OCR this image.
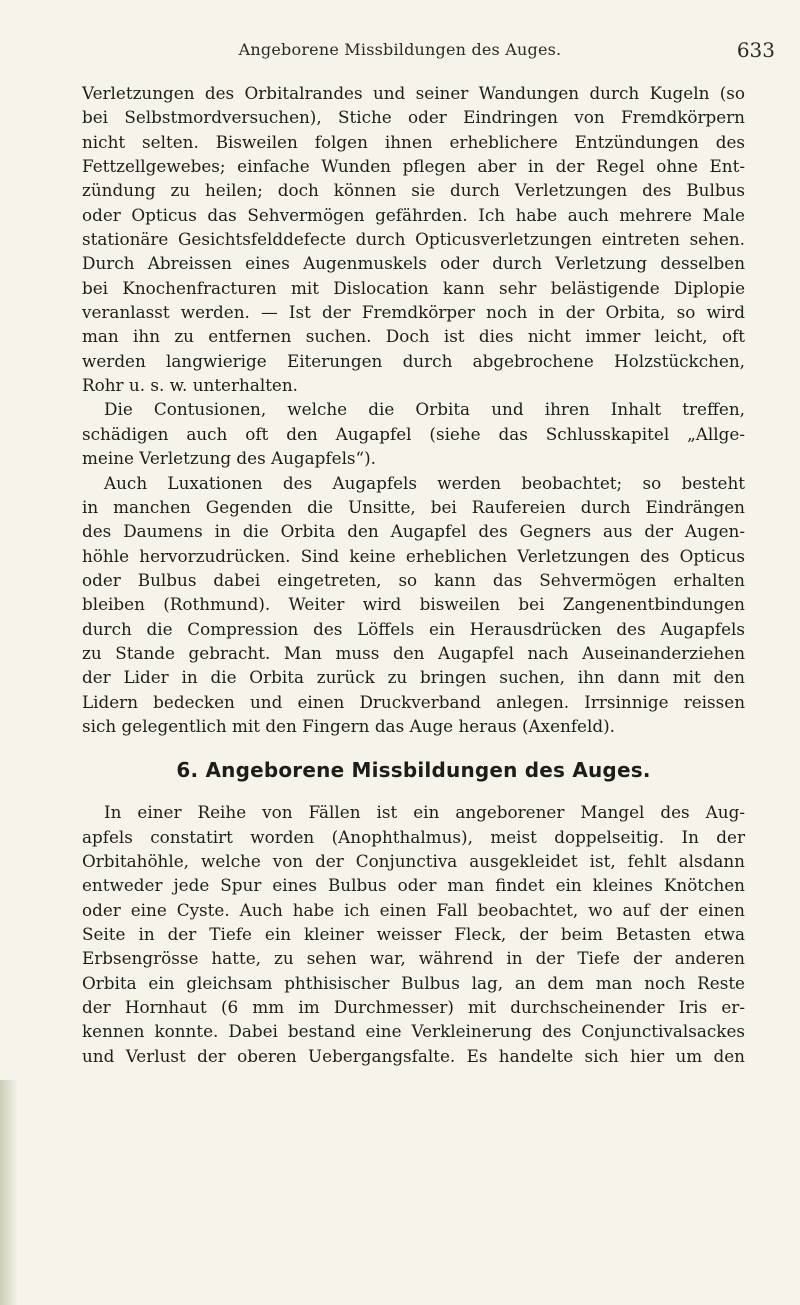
Angeborene Missbildungen des Auges.	633
Verletzungen des Orbitalrandes und seiner Wandungen durch Kugeln (so
bei Selbstmordversuchen), Stiche oder Eindringen von Fremdkörpern
nicht selten. Bisweilen folgen ihnen erheblichere Entzündungen des
Fettzellgewebes; einfache Wunden pflegen aber in der Regel ohne Ent-
zündung zu heilen; doch können sie durch Verletzungen des Bulbus
oder Opticus das Sehvermögen gefährden. Ich habe auch mehrere Male
stationäre Gesichtsfelddefecte durch Opticusverletzungen eintreten sehen.
Durch Abreissen eines Augenmuskels oder durch Verletzung desselben
bei Knochenfracturen mit Dislocation kann sehr belästigende Diplopie
veranlasst werden. — Ist der Fremdkörper noch in der Orbita, so wird
man ihn zu entfernen suchen. Doch ist dies nicht immer leicht, oft
werden langwierige Eiterungen durch abgebrochene Holzstückchen,
Rohr u. s. w. unterhalten.
Die Contusionen, welche die Orbita und ihren Inhalt treffen,
schädigen auch oft den Augapfel (siehe das Schlusskapitel „Allge-
meine Verletzung des Augapfels“).
Auch Luxationen des Augapfels werden beobachtet; so besteht
in manchen Gegenden die Unsitte, bei Raufereien durch Eindrängen
des Daumens in die Orbita den Augapfel des Gegners aus der Augen-
höhle hervorzudrücken. Sind keine erheblichen Verletzungen des Opticus
oder Bulbus dabei eingetreten, so kann das Sehvermögen erhalten
bleiben (Rothmund). Weiter wird bisweilen bei Zangenentbindungen
durch die Compression des Löffels ein Herausdrücken des Augapfels
zu Stande gebracht. Man muss den Augapfel nach Auseinanderziehen
der Lider in die Orbita zurück zu bringen suchen, ihn dann mit den
Lidern bedecken und einen Druckverband anlegen. Irrsinnige reissen
sich gelegentlich mit den Fingern das Auge heraus (Axenfeld).
6. Angeborene Missbildungen des Auges.
In einer Reihe von Fällen ist ein angeborener Mangel des Aug-
apfels constatirt worden (Anophthalmus), meist doppelseitig. In der
Orbitahöhle, welche von der Conjunctiva ausgekleidet ist, fehlt alsdann
entweder jede Spur eines Bulbus oder man findet ein kleines Knötchen
oder eine Cyste. Auch habe ich einen Fall beobachtet, wo auf der einen
Seite in der Tiefe ein kleiner weisser Fleck, der beim Betasten etwa
Erbsengrösse hatte, zu sehen war, während in der Tiefe der anderen
Orbita ein gleichsam phthisischer Bulbus lag, an dem man noch Reste
der Hornhaut (6 mm im Durchmesser) mit durchscheinender Iris er-
kennen konnte. Dabei bestand eine Verkleinerung des Conjunctivalsackes
und Verlust der oberen Uebergangsfalte. Es handelte sich hier um den
